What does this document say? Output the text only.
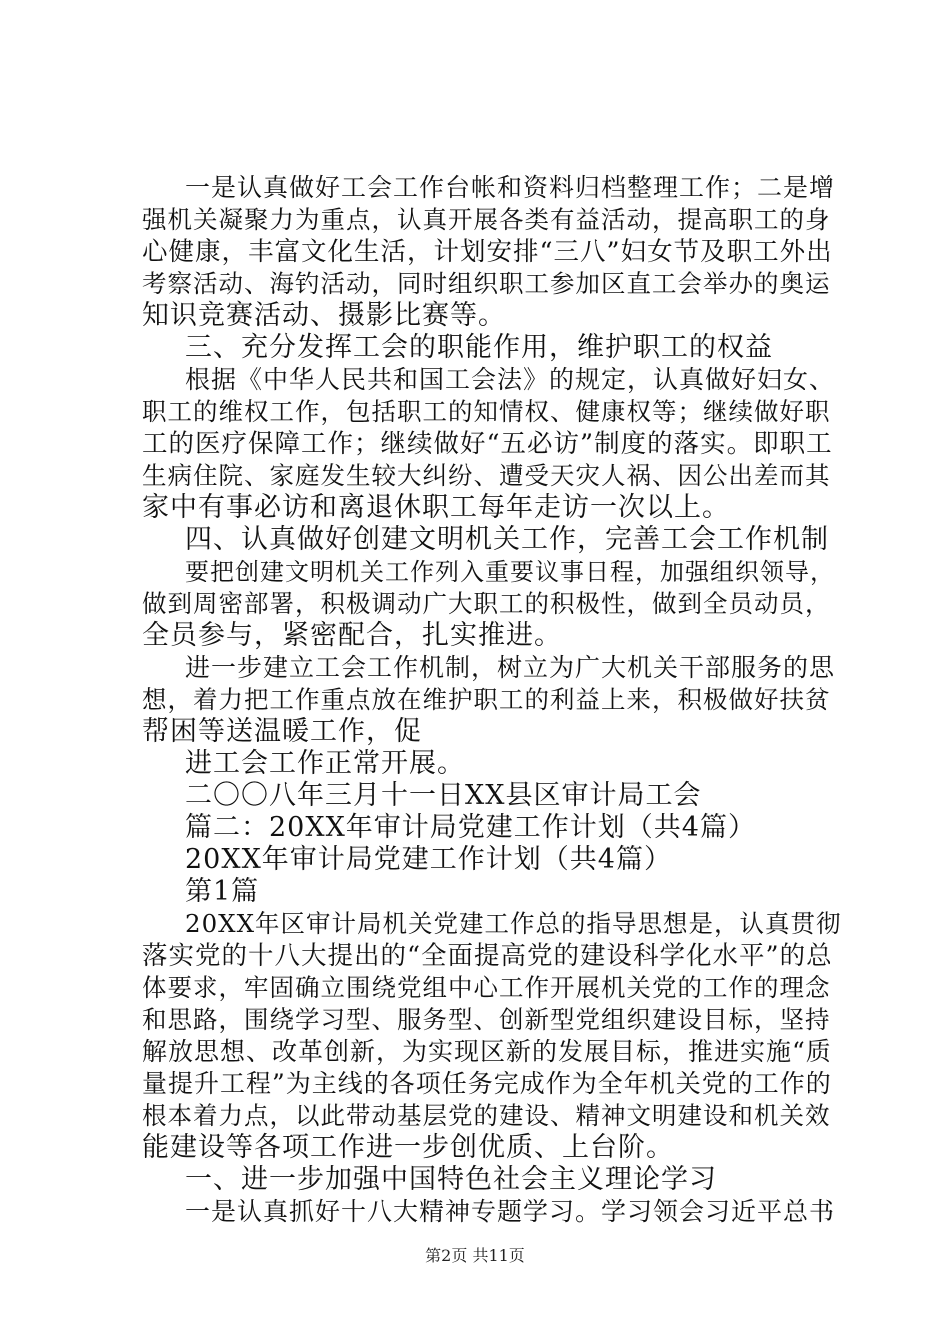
一是认真做好工会工作台帐和资料归档整理工作；二是增
强机关凝聚力为重点，认真开展各类有益活动，提高职工的身
心健康，丰富文化生活，计划安排“三八”妇女节及职工外出
考察活动、海钓活动，同时组织职工参加区直工会举办的奥运
知识竞赛活动、摄影比赛等。
三、充分发挥工会的职能作用，维护职工的权益
根据《中华人民共和国工会法》的规定，认真做好妇女、
职工的维权工作，包括职工的知情权、健康权等；继续做好职
工的医疗保障工作；继续做好“五必访”制度的落实。即职工
生病住院、家庭发生较大纠纷、遭受天灾人祸、因公出差而其
家中有事必访和离退休职工每年走访一次以上。
四、认真做好创建文明机关工作，完善工会工作机制
要把创建文明机关工作列入重要议事日程，加强组织领导，
做到周密部署，积极调动广大职工的积极性，做到全员动员，
全员参与，紧密配合，扎实推进。
进一步建立工会工作机制，树立为广大机关干部服务的思
想，着力把工作重点放在维护职工的利益上来，积极做好扶贫
帮困等送温暖工作，促
进工会工作正常开展。
二〇〇八年三月十一日XX县区审计局工会
篇二：20XX年审计局党建工作计划（共4篇）
20XX年审计局党建工作计划（共4篇）
第1篇
20XX年区审计局机关党建工作总的指导思想是，认真贯彻
落实党的十八大提出的“全面提高党的建设科学化水平”的总
体要求，牢固确立围绕党组中心工作开展机关党的工作的理念
和思路，围绕学习型、服务型、创新型党组织建设目标，坚持
解放思想、改革创新，为实现区新的发展目标，推进实施“质
量提升工程”为主线的各项任务完成作为全年机关党的工作的
根本着力点，以此带动基层党的建设、精神文明建设和机关效
能建设等各项工作进一步创优质、上台阶。
一、进一步加强中国特色社会主义理论学习
一是认真抓好十八大精神专题学习。学习领会习近平总书
第2页 共11页
